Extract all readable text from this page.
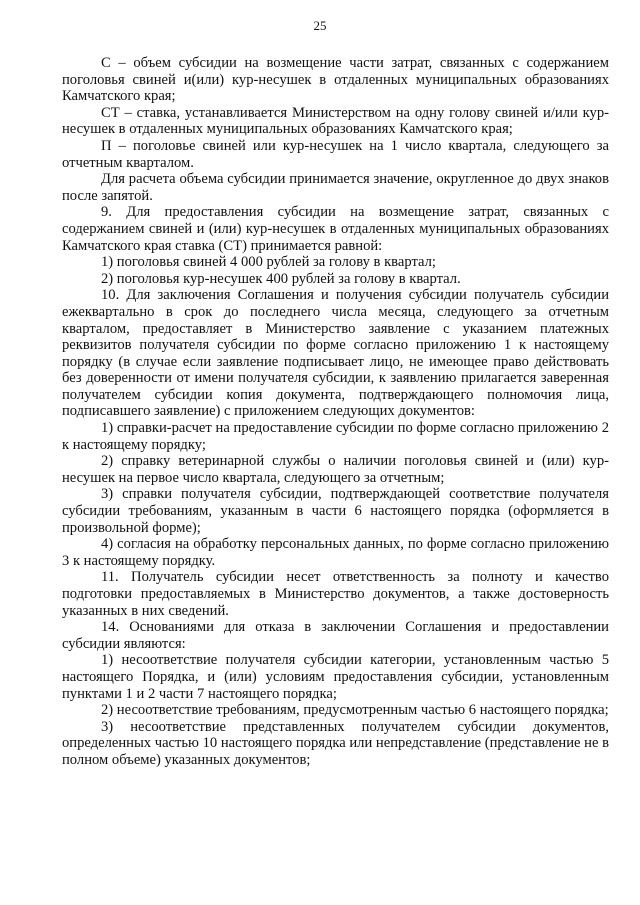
25

С – объем субсидии на возмещение части затрат, связанных с содержанием поголовья свиней и(или) кур-несушек в отдаленных муниципальных образованиях Камчатского края;

СТ – ставка, устанавливается Министерством на одну голову свиней и/или кур-несушек в отдаленных муниципальных образованиях Камчатского края;

П – поголовье свиней или кур-несушек на 1 число квартала, следующего за отчетным кварталом.

Для расчета объема субсидии принимается значение, округленное до двух знаков после запятой.

9. Для предоставления субсидии на возмещение затрат, связанных с содержанием свиней и (или) кур-несушек в отдаленных муниципальных образованиях Камчатского края ставка (СТ) принимается равной:

1) поголовья свиней 4 000 рублей за голову в квартал;

2) поголовья кур-несушек 400 рублей за голову в квартал.

10. Для заключения Соглашения и получения субсидии получатель субсидии ежеквартально в срок до последнего числа месяца, следующего за отчетным кварталом, предоставляет в Министерство заявление с указанием платежных реквизитов получателя субсидии по форме согласно приложению 1 к настоящему порядку (в случае если заявление подписывает лицо, не имеющее право действовать без доверенности от имени получателя субсидии, к заявлению прилагается заверенная получателем субсидии копия документа, подтверждающего полномочия лица, подписавшего заявление) с приложением следующих документов:

1) справки-расчет на предоставление субсидии по форме согласно приложению 2 к настоящему порядку;

2) справку ветеринарной службы о наличии поголовья свиней и (или) кур-несушек на первое число квартала, следующего за отчетным;

3) справки получателя субсидии, подтверждающей соответствие получателя субсидии требованиям, указанным в части 6 настоящего порядка (оформляется в произвольной форме);

4) согласия на обработку персональных данных, по форме согласно приложению 3 к настоящему порядку.

11. Получатель субсидии несет ответственность за полноту и качество подготовки предоставляемых в Министерство документов, а также достоверность указанных в них сведений.

14. Основаниями для отказа в заключении Соглашения и предоставлении субсидии являются:

1) несоответствие получателя субсидии категории, установленным частью 5 настоящего Порядка, и (или) условиям предоставления субсидии, установленным пунктами 1 и 2 части 7 настоящего порядка;

2) несоответствие требованиям, предусмотренным частью 6 настоящего порядка;

3) несоответствие представленных получателем субсидии документов, определенных частью 10 настоящего порядка или непредставление (представление не в полном объеме) указанных документов;
